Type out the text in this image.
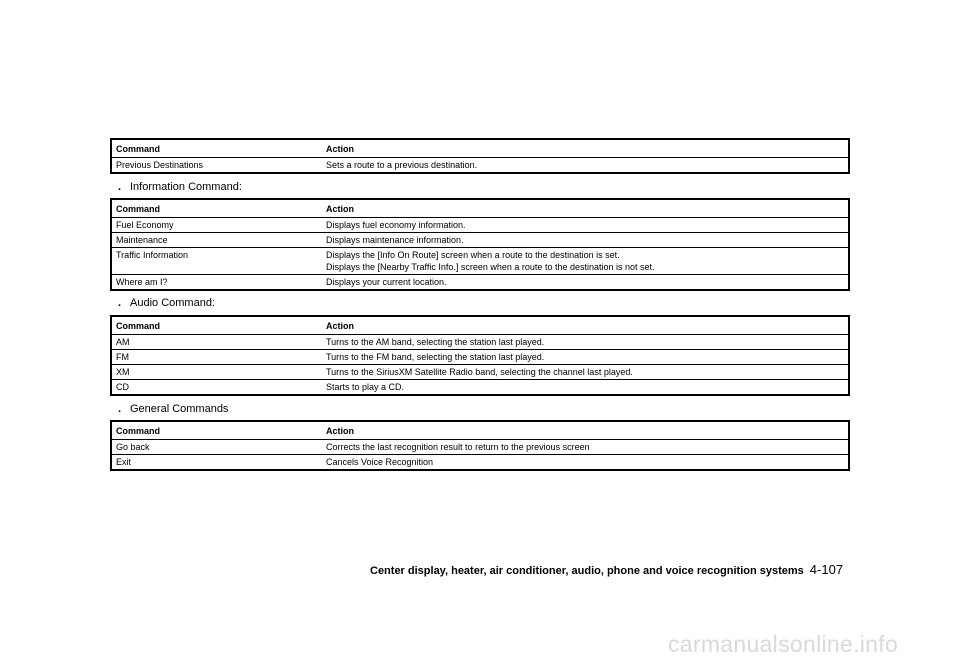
Command	Action
Previous Destinations	Sets a route to a previous destination.
. Information Command:
Command	Action
Fuel Economy	Displays fuel economy information.
Maintenance	Displays maintenance information.
Traffic Information	Displays the [Info On Route] screen when a route to the destination is set.
Displays the [Nearby Traffic Info.] screen when a route to the destination is not set.

Where am I?	Displays your current location.
. Audio Command:
Command	Action
AM	Turns to the AM band, selecting the station last played.
FM	Turns to the FM band, selecting the station last played.
XM	Turns to the SiriusXM Satellite Radio band, selecting the channel last played.
CD	Starts to play a CD.
. General Commands
Command	Action
Go back	Corrects the last recognition result to return to the previous screen
Exit	Cancels Voice Recognition
Center display, heater, air conditioner, audio, phone and voice recognition systems 4-107
carmanualsonline.info
